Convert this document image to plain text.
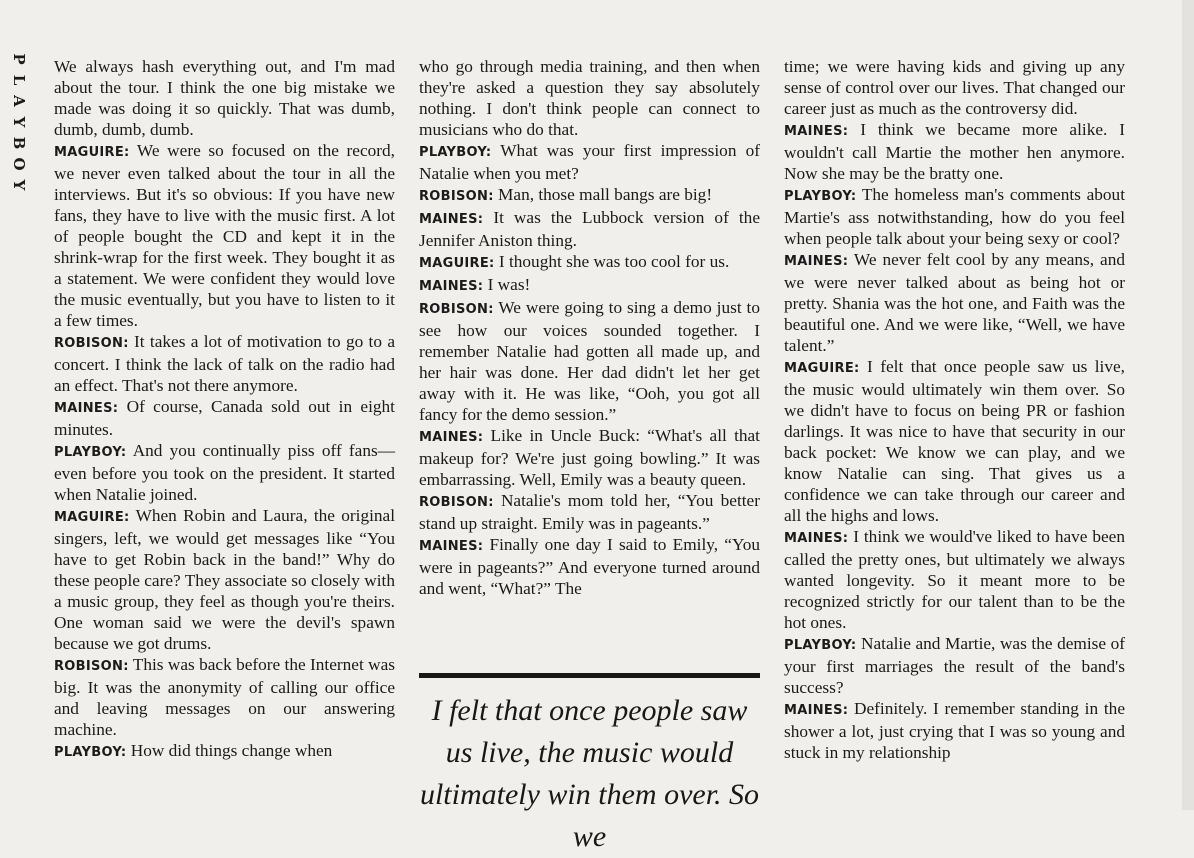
P
L
A
Y
B
O
Y

We always hash everything out, and I'm mad about the tour. I think the one big mistake we made was doing it so quickly. That was dumb, dumb, dumb, dumb.

MAGUIRE: We were so focused on the record, we never even talked about the tour in all the interviews. But it's so obvious: If you have new fans, they have to live with the music first. A lot of people bought the CD and kept it in the shrink-wrap for the first week. They bought it as a statement. We were confident they would love the music eventually, but you have to listen to it a few times.

ROBISON: It takes a lot of motivation to go to a concert. I think the lack of talk on the radio had an effect. That's not there anymore.

MAINES: Of course, Canada sold out in eight minutes.

PLAYBOY: And you continually piss off fans—even before you took on the president. It started when Natalie joined.

MAGUIRE: When Robin and Laura, the original singers, left, we would get messages like “You have to get Robin back in the band!” Why do these people care? They associate so closely with a music group, they feel as though you're theirs. One woman said we were the devil's spawn because we got drums.

ROBISON: This was back before the Internet was big. It was the anonymity of calling our office and leaving messages on our answering machine.

PLAYBOY: How did things change when

who go through media training, and then when they're asked a question they say absolutely nothing. I don't think people can connect to musicians who do that.

PLAYBOY: What was your first impression of Natalie when you met?

ROBISON: Man, those mall bangs are big!

MAINES: It was the Lubbock version of the Jennifer Aniston thing.

MAGUIRE: I thought she was too cool for us.

MAINES: I was!

ROBISON: We were going to sing a demo just to see how our voices sounded together. I remember Natalie had gotten all made up, and her hair was done. Her dad didn't let her get away with it. He was like, “Ooh, you got all fancy for the demo session.”

MAINES: Like in Uncle Buck: “What's all that makeup for? We're just going bowling.” It was embarrassing. Well, Emily was a beauty queen.

ROBISON: Natalie's mom told her, “You better stand up straight. Emily was in pageants.”

MAINES: Finally one day I said to Emily, “You were in pageants?” And everyone turned around and went, “What?” The

time; we were having kids and giving up any sense of control over our lives. That changed our career just as much as the controversy did.

MAINES: I think we became more alike. I wouldn't call Martie the mother hen anymore. Now she may be the bratty one.

PLAYBOY: The homeless man's comments about Martie's ass notwithstanding, how do you feel when people talk about your being sexy or cool?

MAINES: We never felt cool by any means, and we were never talked about as being hot or pretty. Shania was the hot one, and Faith was the beautiful one. And we were like, “Well, we have talent.”

MAGUIRE: I felt that once people saw us live, the music would ultimately win them over. So we didn't have to focus on being PR or fashion darlings. It was nice to have that security in our back pocket: We know we can play, and we know Natalie can sing. That gives us a confidence we can take through our career and all the highs and lows.

MAINES: I think we would've liked to have been called the pretty ones, but ultimately we always wanted longevity. So it meant more to be recognized strictly for our talent than to be the hot ones.

PLAYBOY: Natalie and Martie, was the demise of your first marriages the result of the band's success?

MAINES: Definitely. I remember standing in the shower a lot, just crying that I was so young and stuck in my relationship

I felt that once people saw us live, the music would ultimately win them over. So we
